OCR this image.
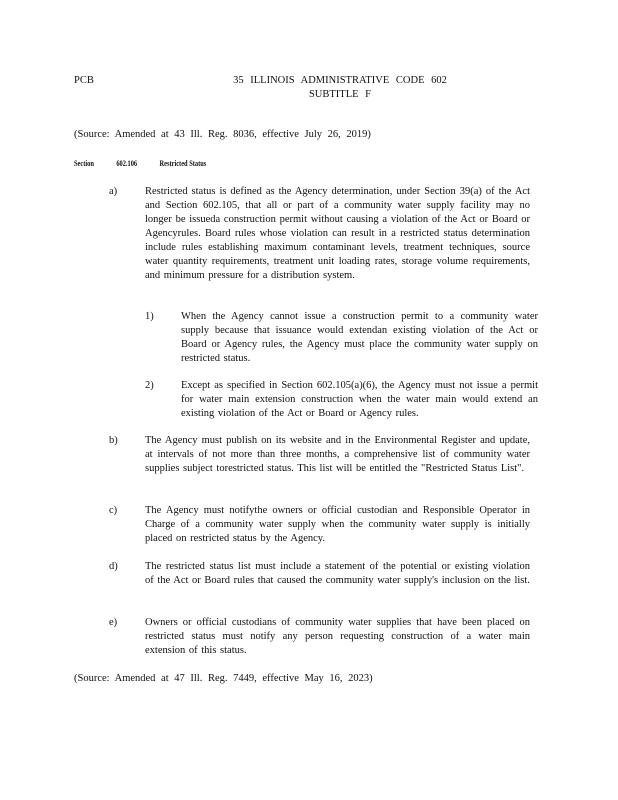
PCB	35 ILLINOIS ADMINISTRATIVE CODE 602
SUBTITLE F
(Source: Amended at 43 Ill. Reg. 8036, effective July 26, 2019)
Section	602.106	Restricted Status
a)	Restricted status is defined as the Agency determination, under Section 39(a) of the Act and Section 602.105, that all or part of a community water supply facility may no longer be issueda construction permit without causing a violation of the Act or Board or Agencyrules. Board rules whose violation can result in a restricted status determination include rules establishing maximum contaminant levels, treatment techniques, source water quantity requirements, treatment unit loading rates, storage volume requirements, and minimum pressure for a distribution system.
1)	When the Agency cannot issue a construction permit to a community water supply because that issuance would extendan existing violation of the Act or Board or Agency rules, the Agency must place the community water supply on restricted status.
2)	Except as specified in Section 602.105(a)(6), the Agency must not issue a permit for water main extension construction when the water main would extend an existing violation of the Act or Board or Agency rules.
b)	The Agency must publish on its website and in the Environmental Register and update, at intervals of not more than three months, a comprehensive list of community water supplies subject torestricted status. This list will be entitled the "Restricted Status List".
c)	The Agency must notifythe owners or official custodian and Responsible Operator in Charge of a community water supply when the community water supply is initially placed on restricted status by the Agency.
d)	The restricted status list must include a statement of the potential or existing violation of the Act or Board rules that caused the community water supply's inclusion on the list.
e)	Owners or official custodians of community water supplies that have been placed on restricted status must notify any person requesting construction of a water main extension of this status.
(Source: Amended at 47 Ill. Reg. 7449, effective May 16, 2023)
